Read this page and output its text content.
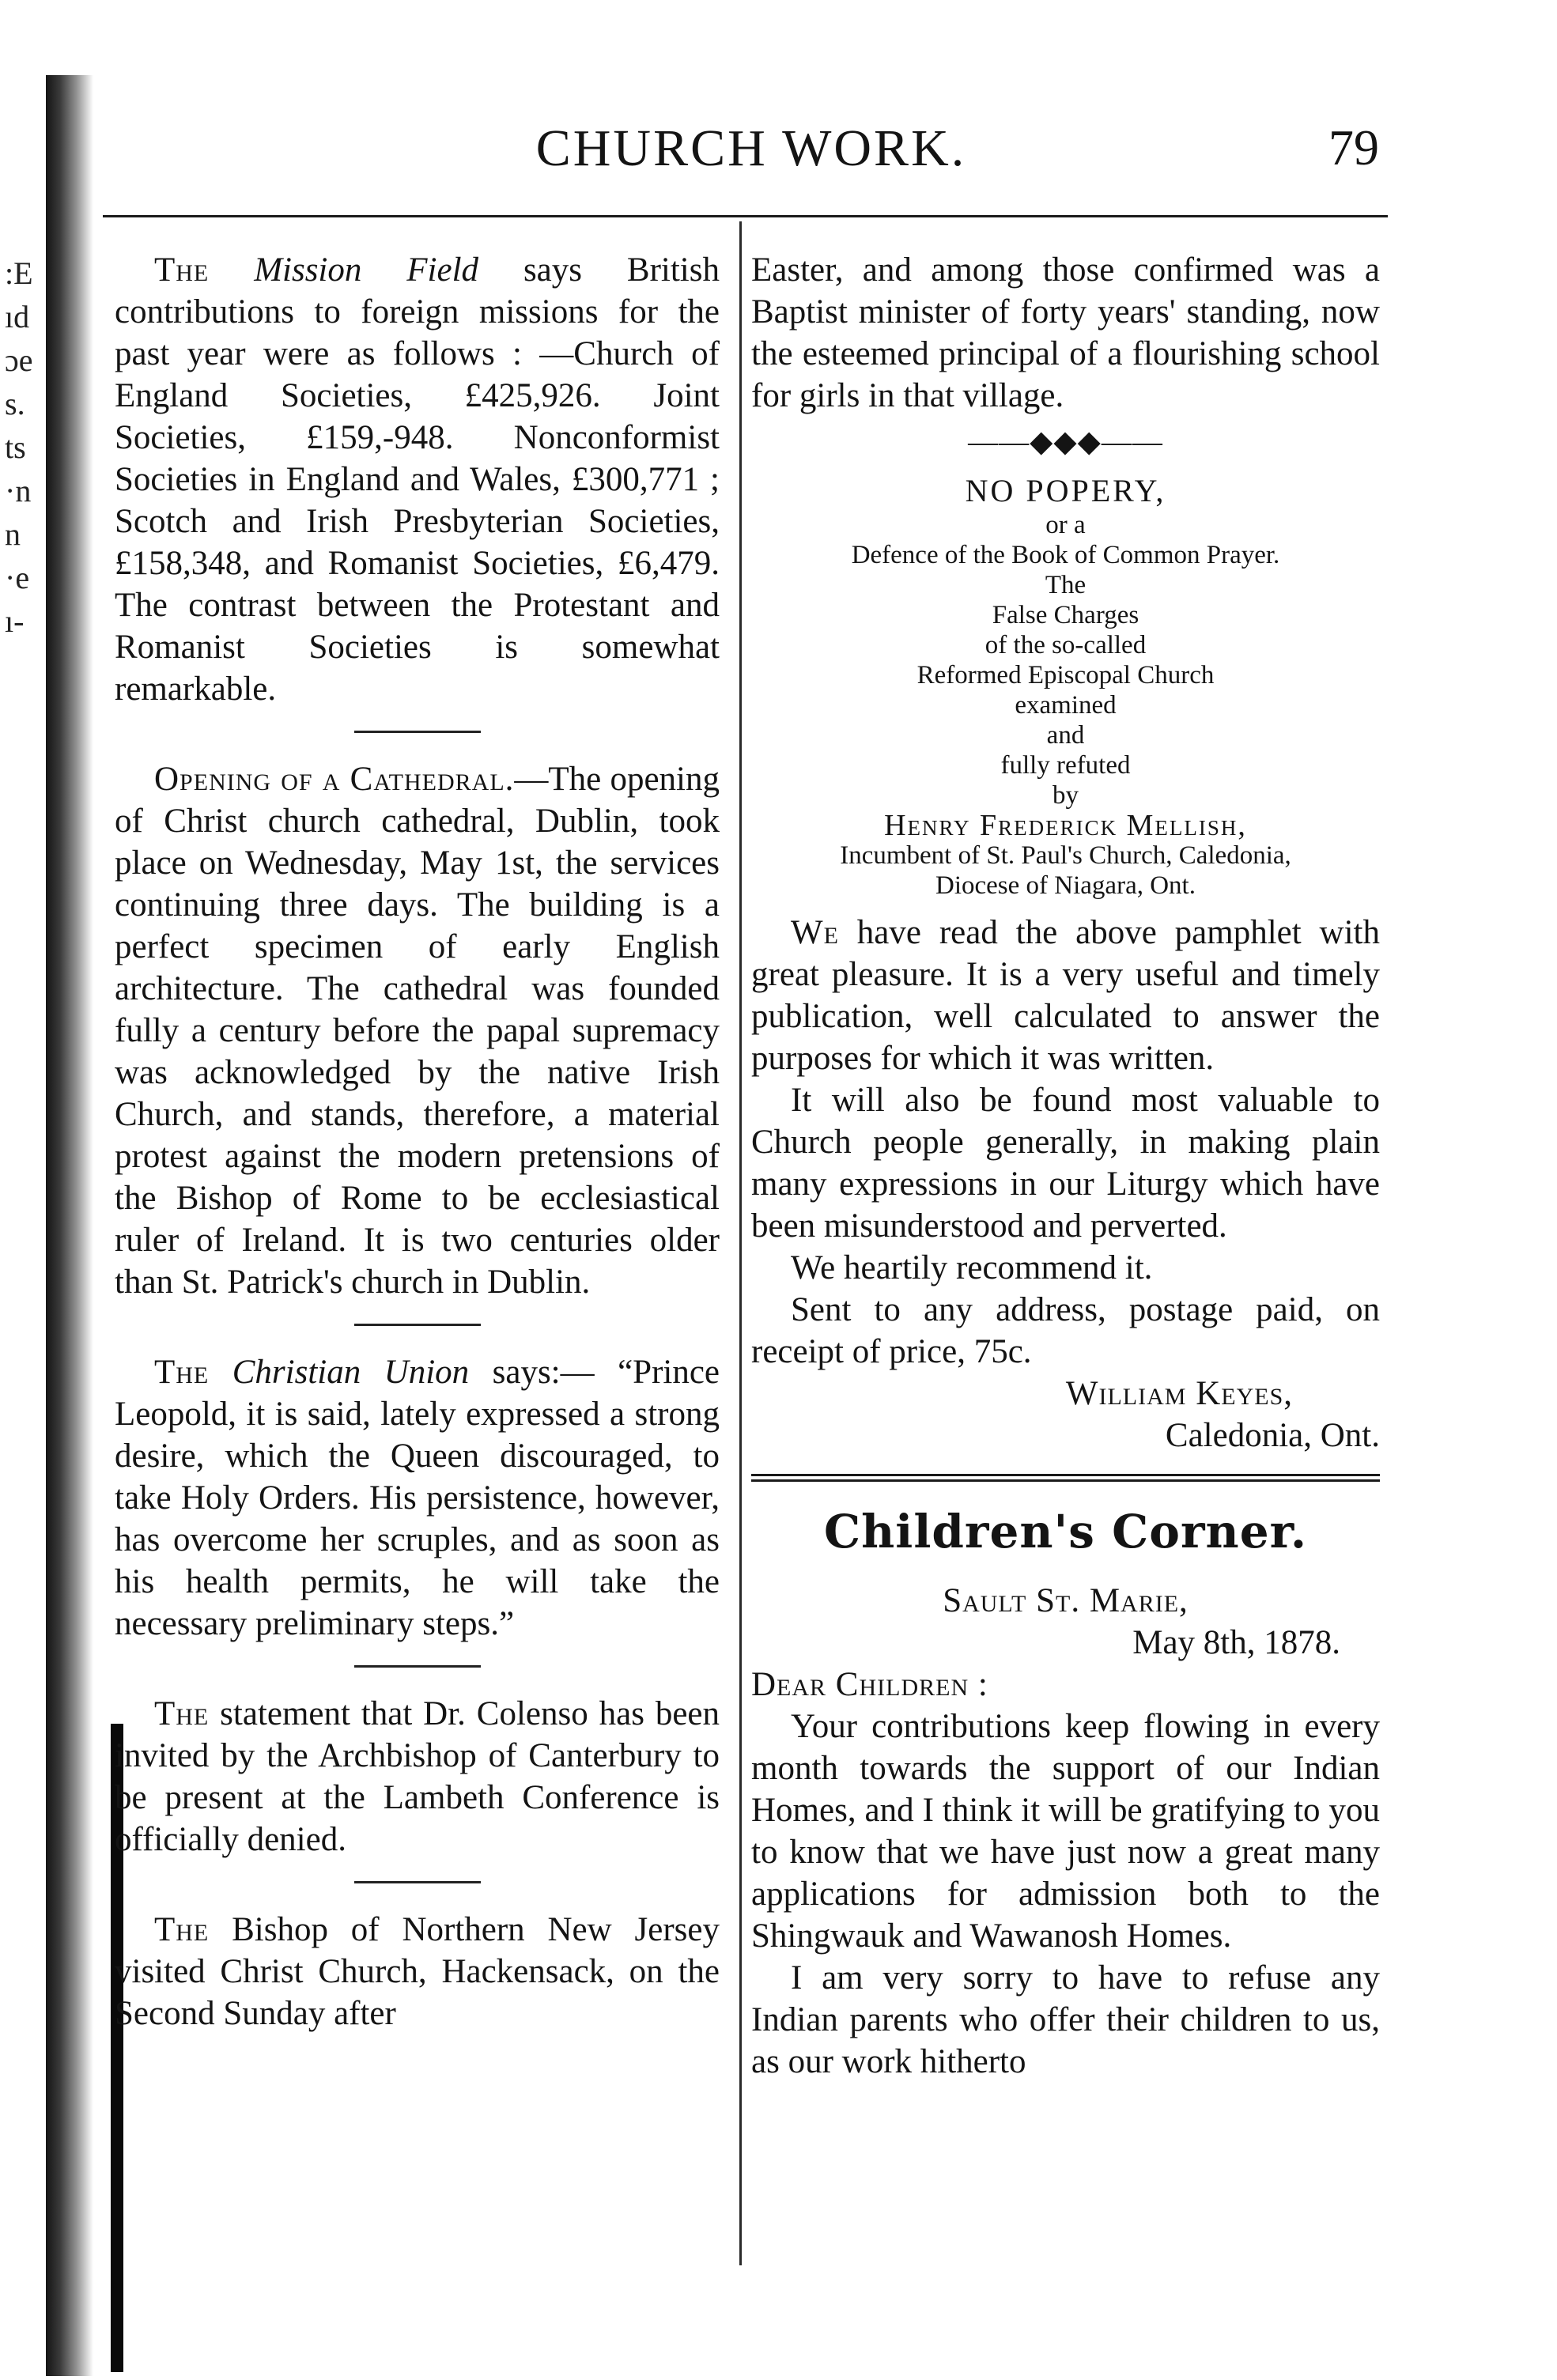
:E
ıd
ɔe
s.
ts
·n
n
·e
ı-
CHURCH WORK.	79

The Mission Field says British contributions to foreign missions for the past year were as follows : —Church of England Societies, £425,926. Joint Societies, £159,-948. Nonconformist Societies in England and Wales, £300,771 ; Scotch and Irish Presbyterian Societies, £158,348, and Romanist Societies, £6,479. The contrast between the Protestant and Romanist Societies is somewhat remarkable.

Opening of a Cathedral.—The opening of Christ church cathedral, Dublin, took place on Wednesday, May 1st, the services continuing three days. The building is a perfect specimen of early English architecture. The cathedral was founded fully a century before the papal supremacy was acknowledged by the native Irish Church, and stands, therefore, a material protest against the modern pretensions of the Bishop of Rome to be ecclesiastical ruler of Ireland. It is two centuries older than St. Patrick's church in Dublin.

The Christian Union says:— “Prince Leopold, it is said, lately expressed a strong desire, which the Queen discouraged, to take Holy Orders. His persistence, however, has overcome her scruples, and as soon as his health permits, he will take the necessary preliminary steps.”

The statement that Dr. Colenso has been invited by the Archbishop of Canterbury to be present at the Lambeth Conference is officially denied.

The Bishop of Northern New Jersey visited Christ Church, Hackensack, on the Second Sunday after

Easter, and among those confirmed was a Baptist minister of forty years' standing, now the esteemed principal of a flourishing school for girls in that village.

——◆◆◆——
NO POPERY,
or a
Defence of the Book of Common Prayer.
The
False Charges
of the so-called
Reformed Episcopal Church
examined
and
fully refuted
by
Henry Frederick Mellish,
Incumbent of St. Paul's Church, Caledonia,
Diocese of Niagara, Ont.

We have read the above pamphlet with great pleasure. It is a very useful and timely publication, well calculated to answer the purposes for which it was written.

It will also be found most valuable to Church people generally, in making plain many expressions in our Liturgy which have been misunderstood and perverted.

We heartily recommend it.

Sent to any address, postage paid, on receipt of price, 75c.

William Keyes,
Caledonia, Ont.
Children's Corner.
Sault St. Marie,
May 8th, 1878.
Dear Children :

Your contributions keep flowing in every month towards the support of our Indian Homes, and I think it will be gratifying to you to know that we have just now a great many applications for admission both to the Shingwauk and Wawanosh Homes.

I am very sorry to have to refuse any Indian parents who offer their children to us, as our work hitherto
